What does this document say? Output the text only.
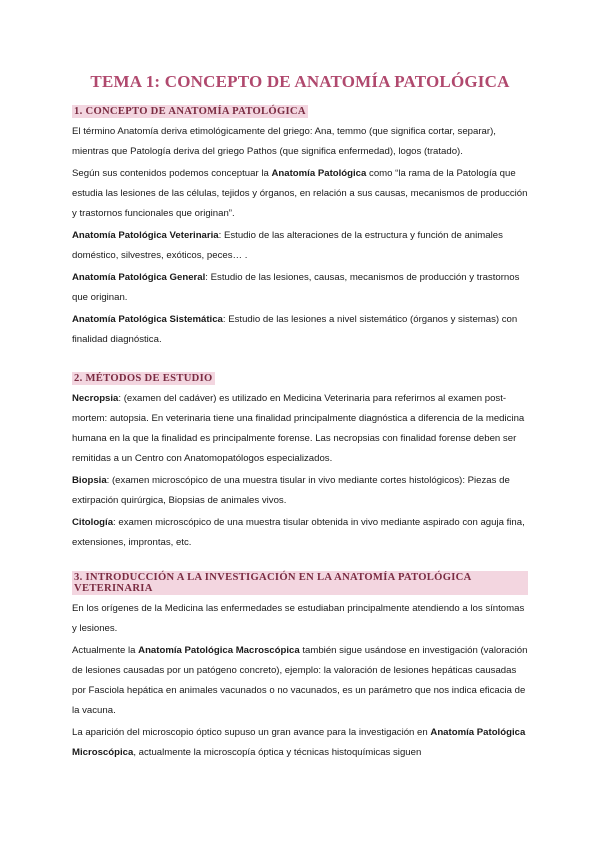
TEMA 1: CONCEPTO DE ANATOMÍA PATOLÓGICA
1. CONCEPTO DE ANATOMÍA PATOLÓGICA

El término Anatomía deriva etimológicamente del griego: Ana, temmo (que significa cortar, separar), mientras que Patología deriva del griego Pathos (que significa enfermedad), logos (tratado).

Según sus contenidos podemos conceptuar la Anatomía Patológica como “la rama de la Patología que estudia las lesiones de las células, tejidos y órganos, en relación a sus causas, mecanismos de producción y trastornos funcionales que originan”.

Anatomía Patológica Veterinaria: Estudio de las alteraciones de la estructura y función de animales doméstico, silvestres, exóticos, peces… .

Anatomía Patológica General: Estudio de las lesiones, causas, mecanismos de producción y trastornos que originan.

Anatomía Patológica Sistemática: Estudio de las lesiones a nivel sistemático (órganos y sistemas) con finalidad diagnóstica.

2. MÉTODOS DE ESTUDIO

Necropsia: (examen del cadáver) es utilizado en Medicina Veterinaria para referirnos al examen post-mortem: autopsia. En veterinaria tiene una finalidad principalmente diagnóstica a diferencia de la medicina humana en la que la finalidad es principalmente forense. Las necropsias con finalidad forense deben ser remitidas a un Centro con Anatomopatólogos especializados.

Biopsia: (examen microscópico de una muestra tisular in vivo mediante cortes histológicos): Piezas de extirpación quirúrgica, Biopsias de animales vivos.

Citología: examen microscópico de una muestra tisular obtenida in vivo mediante aspirado con aguja fina, extensiones, improntas, etc.

3. INTRODUCCIÓN A LA INVESTIGACIÓN EN LA ANATOMÍA PATOLÓGICA VETERINARIA

En los orígenes de la Medicina las enfermedades se estudiaban principalmente atendiendo a los síntomas y lesiones.

Actualmente la Anatomía Patológica Macroscópica también sigue usándose en investigación (valoración de lesiones causadas por un patógeno concreto), ejemplo: la valoración de lesiones hepáticas causadas por Fasciola hepática en animales vacunados o no vacunados, es un parámetro que nos indica eficacia de la vacuna.

La aparición del microscopio óptico supuso un gran avance para la investigación en Anatomía Patológica Microscópica, actualmente la microscopía óptica y técnicas histoquímicas siguen
